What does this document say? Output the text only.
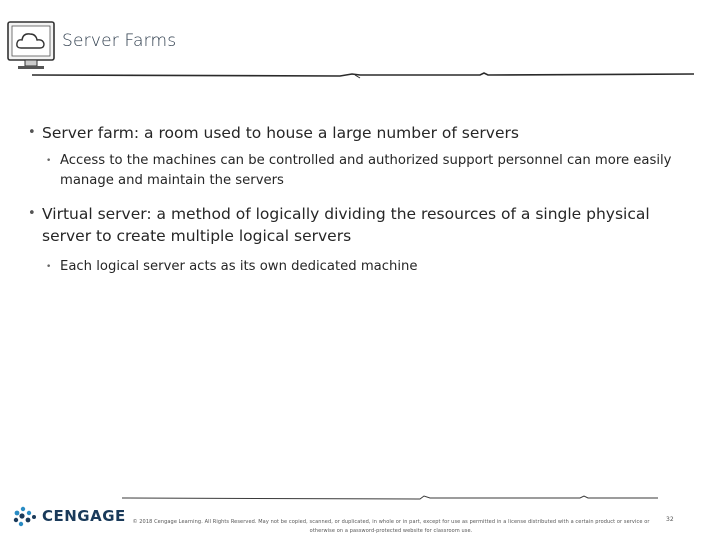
Server Farms
• Server farm: a room used to house a large number of servers
• Access to the machines can be controlled and authorized support personnel can more easily manage and maintain the servers
• Virtual server: a method of logically dividing the resources of a single physical server to create multiple logical servers
• Each logical server acts as its own dedicated machine
CENGAGE	© 2018 Cengage Learning. All Rights Reserved. May not be copied, scanned, or duplicated, in whole or in part, except for use as permitted in a license distributed with a certain product or service or otherwise on a password-protected website for classroom use.
32
